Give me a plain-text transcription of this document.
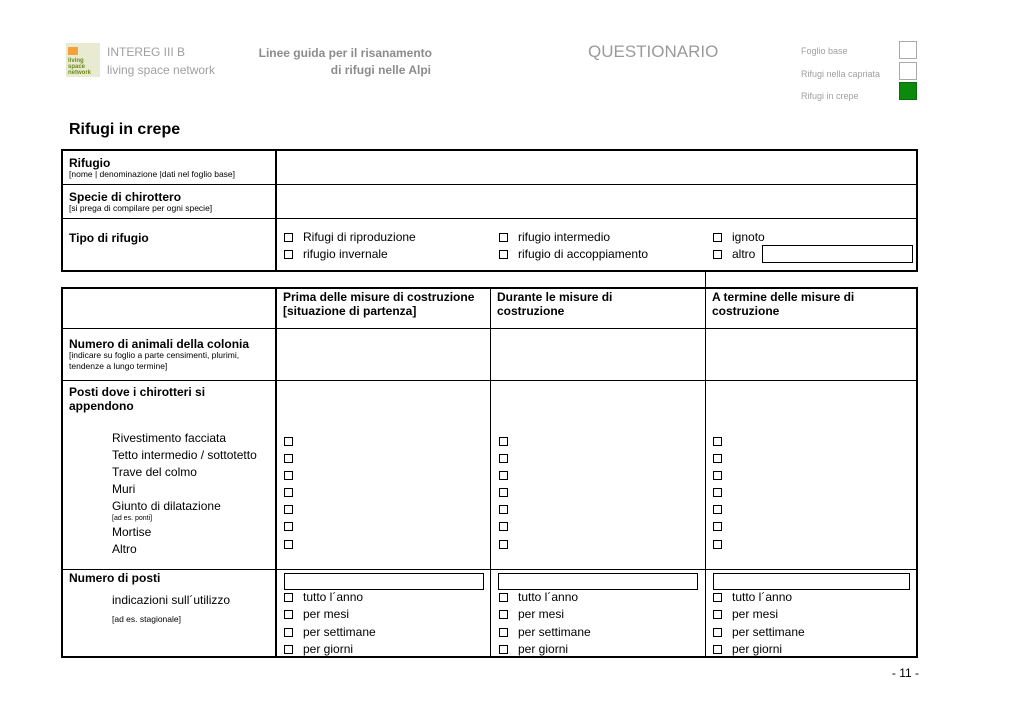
living
space
network
INTEREG III B
living space network
Linee guida per il risanamento
di rifugi nelle Alpi
QUESTIONARIO	Foglio base
Rifugi nella capriata
Rifugi in crepe
Rifugi in crepe
Rifugio
[nome | denominazione |dati nel foglio base]
Specie di chirottero
[si prega di compilare per ogni specie]
Tipo di rifugio	Rifugi di riproduzione
rifugio invernale
rifugio intermedio
rifugio di accoppiamento
ignoto
altro
Prima delle misure di costruzione
[situazione di partenza]
Durante le misure di
costruzione
A termine delle misure di
costruzione
Numero di animali della colonia
[indicare su foglio a parte censimenti, plurimi,
tendenze a lungo termine]
Posti dove i chirotteri si
appendono
Rivestimento facciata
Tetto intermedio / sottotetto
Trave del colmo
Muri
Giunto di dilatazione
[ad es. ponti]
Mortise
Altro
Numero di posti
indicazioni sull´utilizzo
[ad es. stagionale]
tutto l´anno
per mesi
per settimane
per giorni
tutto l´anno
per mesi
per settimane
per giorni
tutto l´anno
per mesi
per settimane
per giorni
- 11 -
